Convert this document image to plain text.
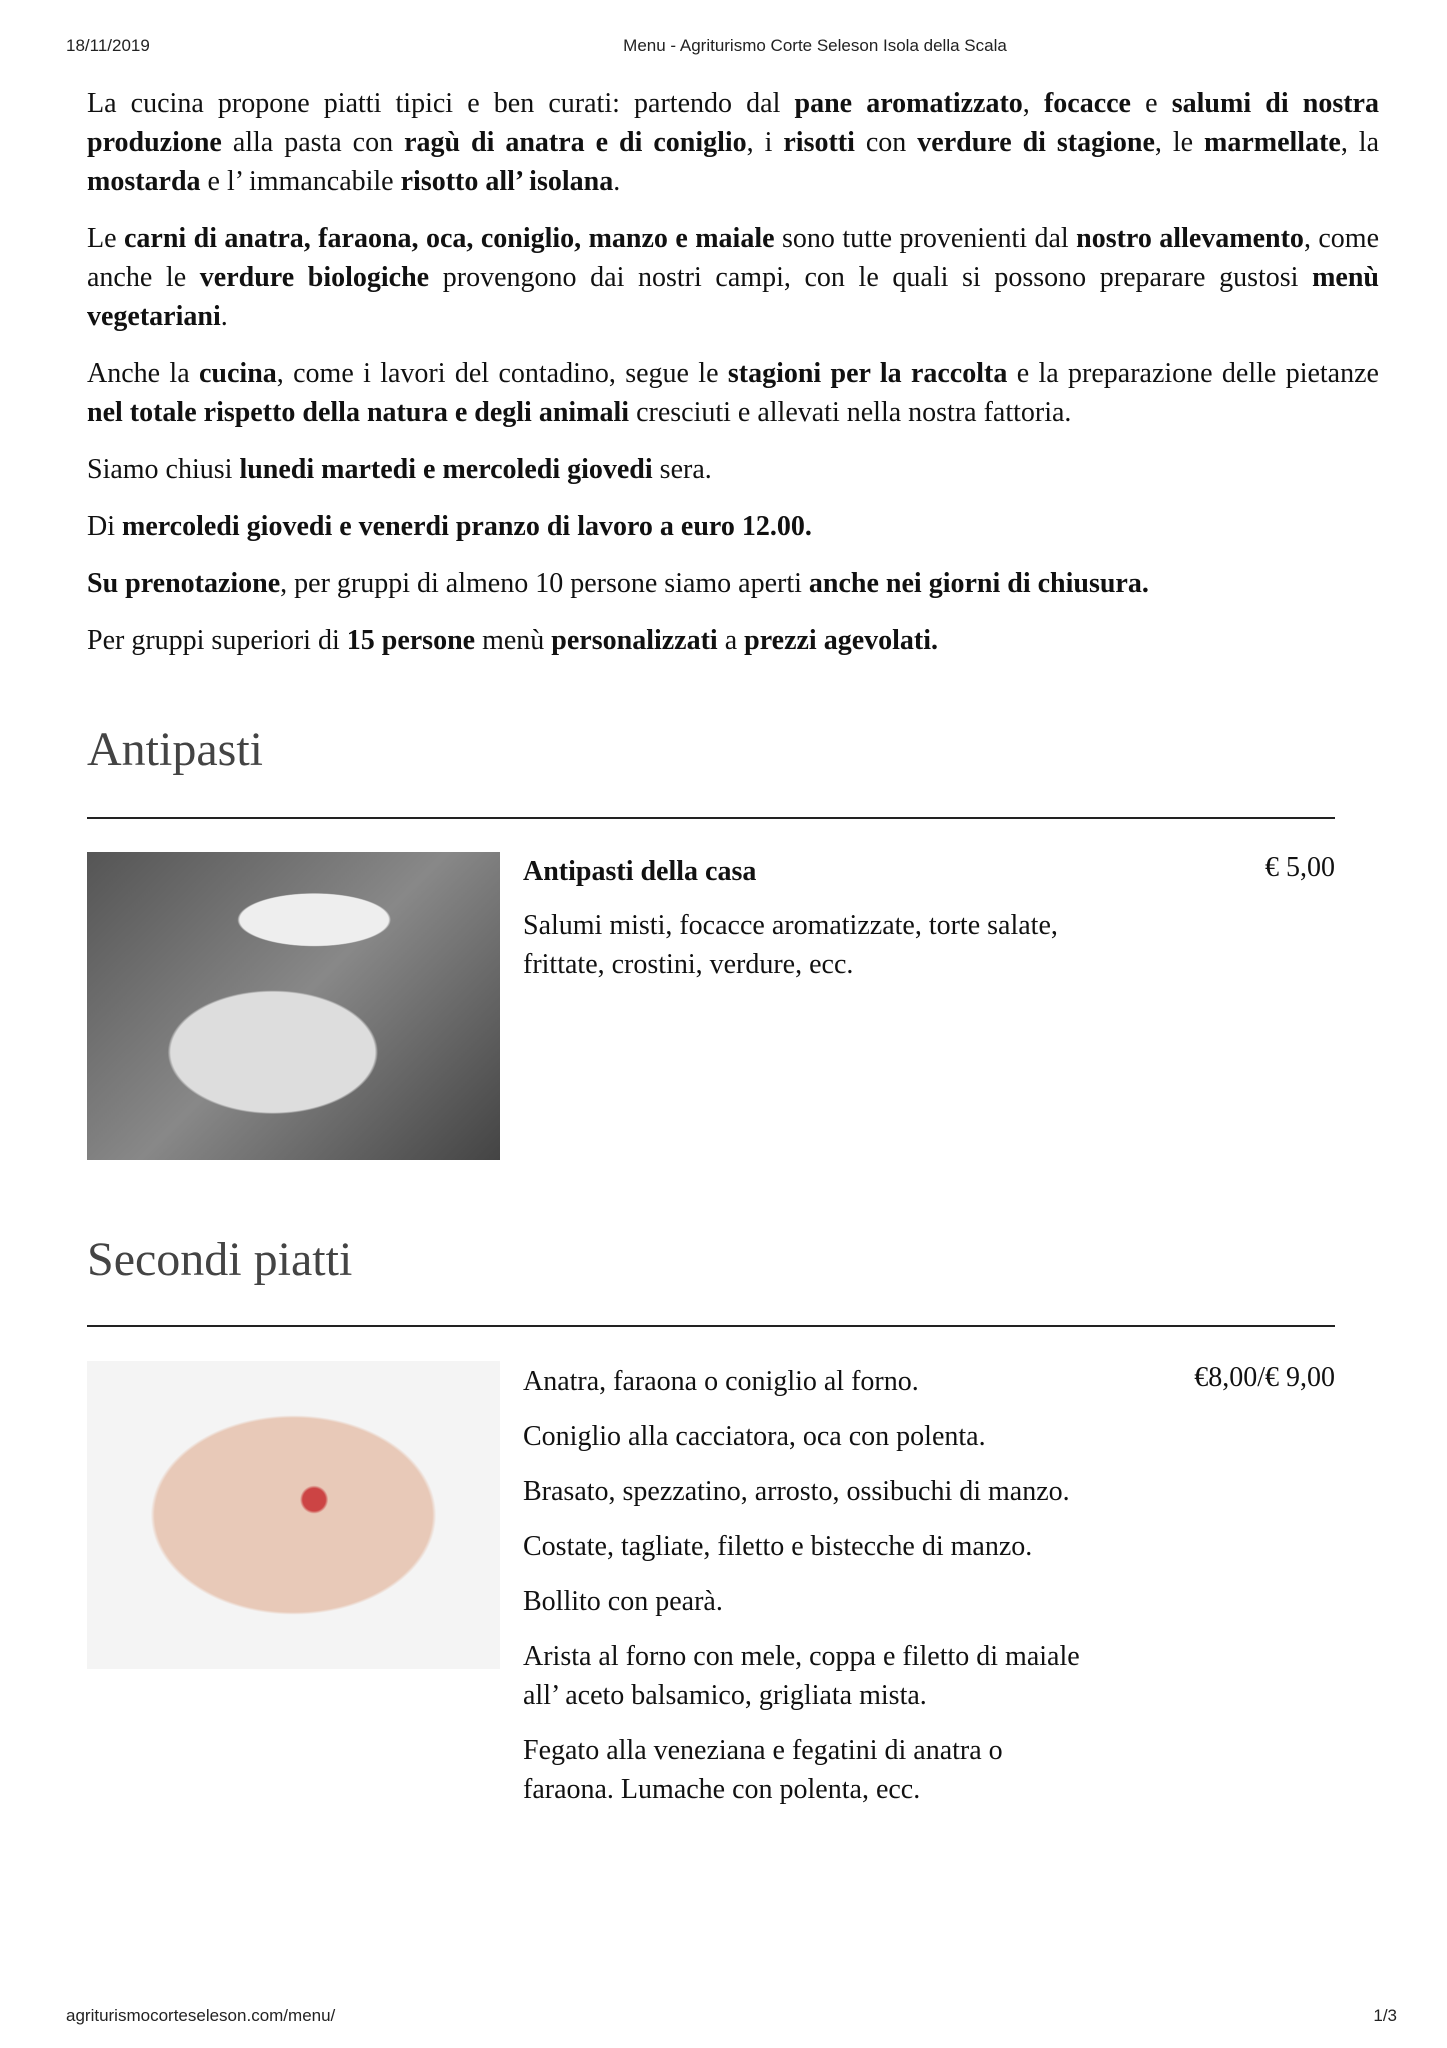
18/11/2019	Menu - Agriturismo Corte Seleson Isola della Scala

La cucina propone piatti tipici e ben curati: partendo dal pane aromatizzato, focacce e salumi di nostra produzione alla pasta con ragù di anatra e di coniglio, i risotti con verdure di stagione, le marmellate, la mostarda e l’ immancabile risotto all’ isolana.

Le carni di anatra, faraona, oca, coniglio, manzo e maiale sono tutte provenienti dal nostro allevamento, come anche le verdure biologiche provengono dai nostri campi, con le quali si possono preparare gustosi menù vegetariani.

Anche la cucina, come i lavori del contadino, segue le stagioni per la raccolta e la preparazione delle pietanze nel totale rispetto della natura e degli animali cresciuti e allevati nella nostra fattoria.

Siamo chiusi lunedi martedi e mercoledi giovedi sera.

Di mercoledi giovedi e venerdi pranzo di lavoro a euro 12.00.

Su prenotazione, per gruppi di almeno 10 persone siamo aperti anche nei giorni di chiusura.

Per gruppi superiori di 15 persone menù personalizzati a prezzi agevolati.

Antipasti
Antipasti della casa	€ 5,00
Salumi misti, focacce aromatizzate, torte salate, frittate, crostini, verdure, ecc.
Secondi piatti
€8,00/€ 9,00

Anatra, faraona o coniglio al forno.

Coniglio alla cacciatora, oca con polenta.

Brasato, spezzatino, arrosto, ossibuchi di manzo.

Costate, tagliate, filetto e bistecche di manzo.

Bollito con pearà.

Arista al forno con mele, coppa e filetto di maiale all’ aceto balsamico, grigliata mista.

Fegato alla veneziana e fegatini di anatra o faraona. Lumache con polenta, ecc.

agriturismocorteseleson.com/menu/	1/3
